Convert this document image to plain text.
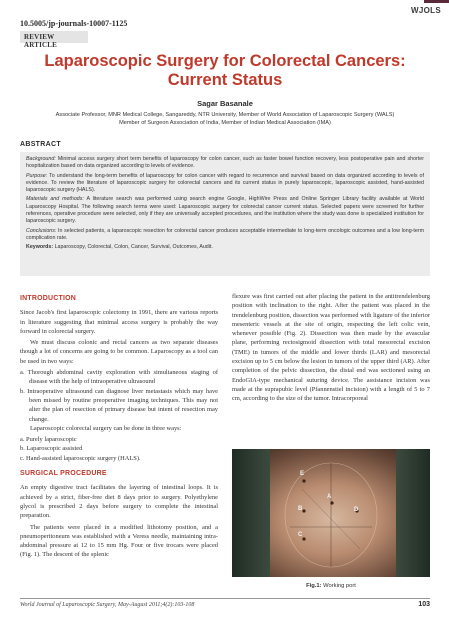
WJOLS
10.5005/jp-journals-10007-1125
REVIEW ARTICLE
Laparoscopic Surgery for Colorectal Cancers: Current Status
Sagar Basanale
Associate Professor, MNR Medical College, Sangareddy, NTR University, Member of World Association of Laparoscopic Surgery (WALS)
Member of Surgeon Association of India, Member of Indian Medical Association (IMA)
ABSTRACT

Background: Minimal access surgery short term benefits of laparoscopy for colon cancer, such as faster bowel function recovery, less postoperative pain and shorter hospitalization based on data organized according to levels of evidence.

Purpose: To understand the long-term benefits of laparoscopy for colon cancer with regard to recurrence and survival based on data organized according to levels of evidence. To review the literature of laparoscopic surgery for colorectal cancers and its current status in purely laparoscopic, laparoscopic assisted, hand-assisted laparoscopic surgery (HALS).

Materials and methods: A literature search was performed using search engine Google, HighWire Press and Online Springer Library facility available at World Laparoscopy Hospital. The following search terms were used: Laparoscopic surgery for colorectal cancer current status. Selected papers were screened for further references, operative procedure were selected, only if they are universally accepted procedures, and the institution where the study was done is specialized institution for laparoscopic surgery.

Conclusions: In selected patients, a laparoscopic resection for colorectal cancer produces acceptable intermediate to long-term oncologic outcomes and a low long-term complication rate.

Keywords: Laparoscopy, Colorectal, Colon, Cancer, Survival, Outcomes, Audit.

INTRODUCTION

Since Jacob's first laparoscopic colectomy in 1991, there are various reports in literature suggesting that minimal access surgery is probably the way forward in colorectal surgery.

We must discuss colonic and rectal cancers as two separate diseases though a lot of concerns are going to be common. Laparoscopy as a tool can be used in two ways:

a. Thorough abdominal cavity exploration with simultaneous staging of disease with the help of intraoperative ultrasound
b. Intraoperative ultrasound can diagnose liver metastasis which may have been missed by routine preoperative imaging techniques. This may not alter the plan of resection of primary disease but intent of resection may change.

Laparoscopic colorectal surgery can be done in three ways:

a. Purely laparoscopic
b. Laparoscopic assisted
c. Hand-assisted laparoscopic surgery (HALS).
SURGICAL PROCEDURE

An empty digestive tract facilitates the layering of intestinal loops. It is achieved by a strict, fiber-free diet 8 days prior to surgery. Polyethylene glycol is prescribed 2 days before surgery to complete the intestinal preparation.

The patients were placed in a modified lithotomy position, and a pneumoperitoneum was established with a Veress needle, maintaining intra-abdominal pressure at 12 to 15 mm Hg. Four or five trocars were placed (Fig. 1). The descent of the splenic

flexure was first carried out after placing the patient in the antitrendelenburg position with inclination to the right. After the patient was placed in the trendelenburg position, dissection was performed with ligature of the inferior mesenteric vessels at the site of origin, respecting the left colic vein, whenever possible (Fig. 2). Dissection was then made by the avascular plane, performing rectosigmoid dissection with total mesorectal excision (TME) in tumors of the middle and lower thirds (LAR) and mesorectal excision up to 5 cm below the lesion in tumors of the upper third (AR). After completion of the pelvic dissection, the distal end was sectioned using an EndoGIA-type mechanical suturing device. The assistance incision was made at the suprapubic level (Pfannenstiel incision) with a length of 5 to 7 cm, according to the size of the tumor. Intracorporeal

E
A
B	D
C
Fig.1: Working port
World Journal of Laparoscopic Surgery, May-August 2011;4(2):103-108	103
